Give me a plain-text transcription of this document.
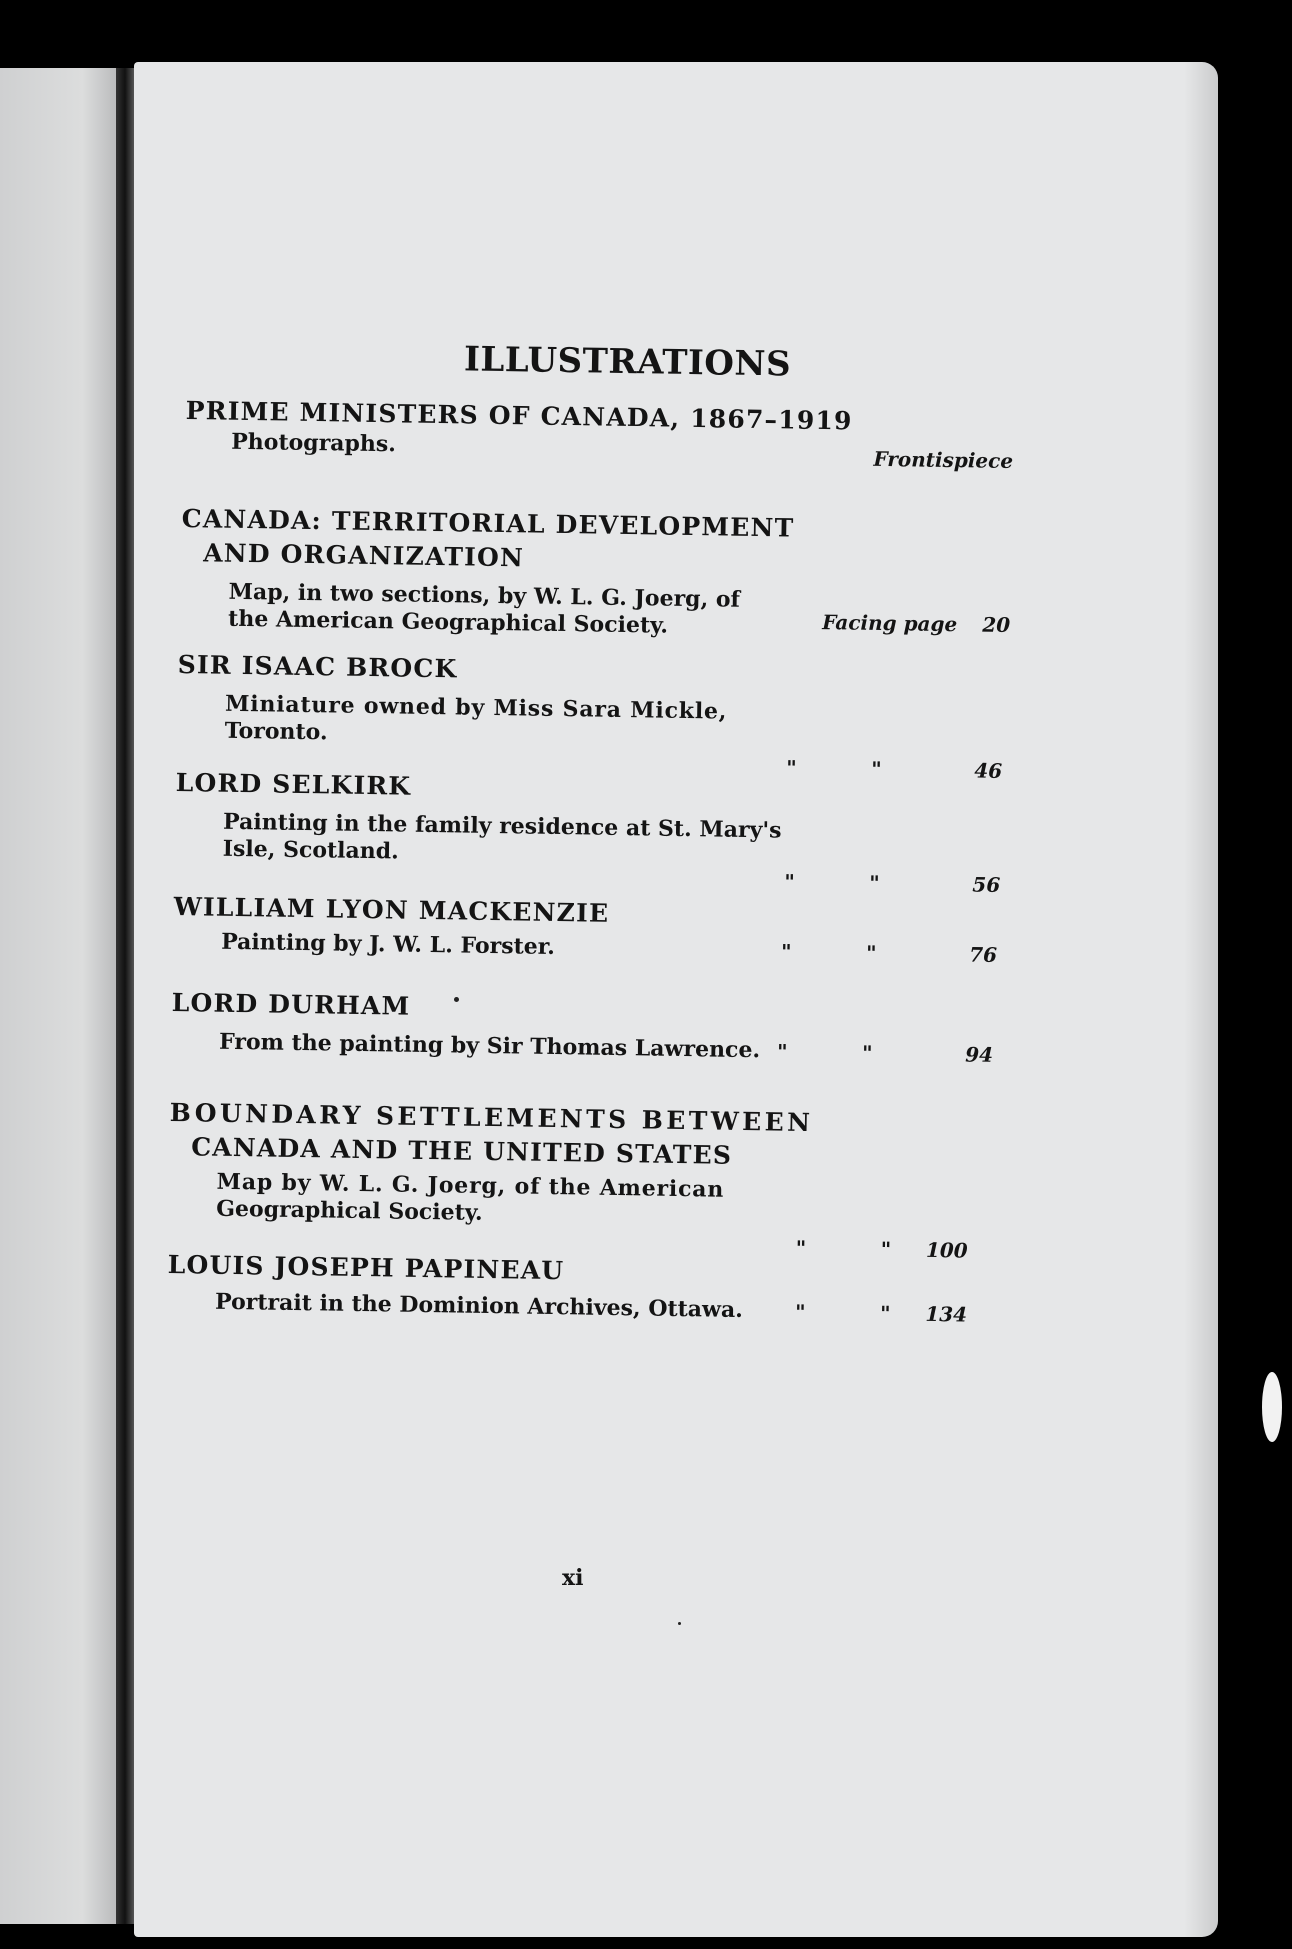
ILLUSTRATIONS
PRIME MINISTERS OF CANADA, 1867–1919
Photographs.
Frontispiece
CANADA: TERRITORIAL DEVELOPMENT
AND ORGANIZATION
Map, in two sections, by W. L. G. Joerg, of
the American Geographical Society.	Facing page 20
SIR ISAAC BROCK
Miniature owned by Miss Sara Mickle,
Toronto.
"	"	46
LORD SELKIRK
Painting in the family residence at St. Mary's
Isle, Scotland.
"	"	56
WILLIAM LYON MACKENZIE
Painting by J. W. L. Forster.	"	"	76
LORD DURHAM
From the painting by Sir Thomas Lawrence. "	"	94
BOUNDARY SETTLEMENTS BETWEEN
CANADA AND THE UNITED STATES
Map by W. L. G. Joerg, of the American
Geographical Society.
"	" 100
LOUIS JOSEPH PAPINEAU
Portrait in the Dominion Archives, Ottawa.	"	" 134
xi
